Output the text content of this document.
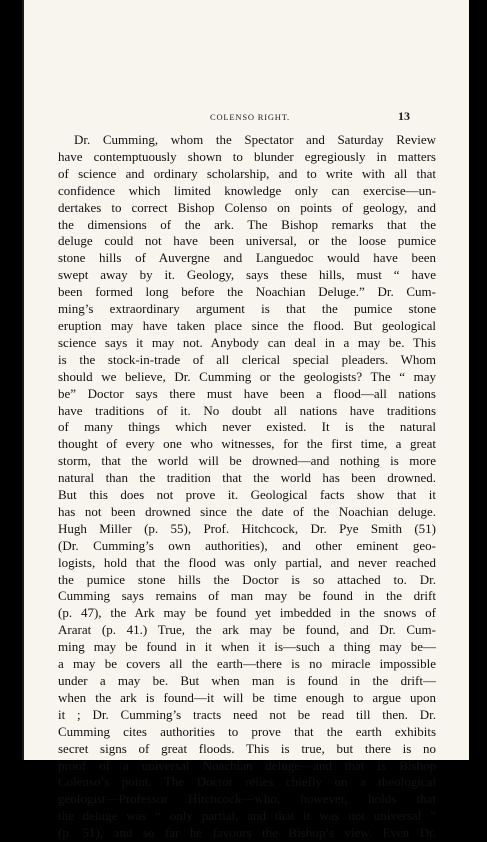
COLENSO RIGHT.	13
Dr. Cumming, whom the Spectator and Saturday Review
have contemptuously shown to blunder egregiously in matters
of science and ordinary scholarship, and to write with all that
confidence which limited knowledge only can exercise—un-
dertakes to correct Bishop Colenso on points of geology, and
the dimensions of the ark. The Bishop remarks that the
deluge could not have been universal, or the loose pumice
stone hills of Auvergne and Languedoc would have been
swept away by it. Geology, says these hills, must “ have
been formed long before the Noachian Deluge.” Dr. Cum-
ming’s extraordinary argument is that the pumice stone
eruption may have taken place since the flood. But geological
science says it may not. Anybody can deal in a may be. This
is the stock-in-trade of all clerical special pleaders. Whom
should we believe, Dr. Cumming or the geologists? The “ may
be” Doctor says there must have been a flood—all nations
have traditions of it. No doubt all nations have traditions
of many things which never existed. It is the natural
thought of every one who witnesses, for the first time, a great
storm, that the world will be drowned—and nothing is more
natural than the tradition that the world has been drowned.
But this does not prove it. Geological facts show that it
has not been drowned since the date of the Noachian deluge.
Hugh Miller (p. 55), Prof. Hitchcock, Dr. Pye Smith (51)
(Dr. Cumming’s own authorities), and other eminent geo-
logists, hold that the flood was only partial, and never reached
the pumice stone hills the Doctor is so attached to. Dr.
Cumming says remains of man may be found in the drift
(p. 47), the Ark may be found yet imbedded in the snows of
Ararat (p. 41.) True, the ark may be found, and Dr. Cum-
ming may be found in it when it is—such a thing may be—
a may be covers all the earth—there is no miracle impossible
under a may be. But when man is found in the drift—
when the ark is found—it will be time enough to argue upon
it ; Dr. Cumming’s tracts need not be read till then. Dr.
Cumming cites authorities to prove that the earth exhibits
secret signs of great floods. This is true, but there is no
proof of a universal Noachian deluge—and that is Bishop
Colenso’s point. The Doctor relies chiefly on a theological
geologist—Professor Hitchcock—who, however, holds that
the deluge was “ only partial, and that it was not universal ”
(p. 51), and so far he favours the Bishop’s view. Even Dr.
